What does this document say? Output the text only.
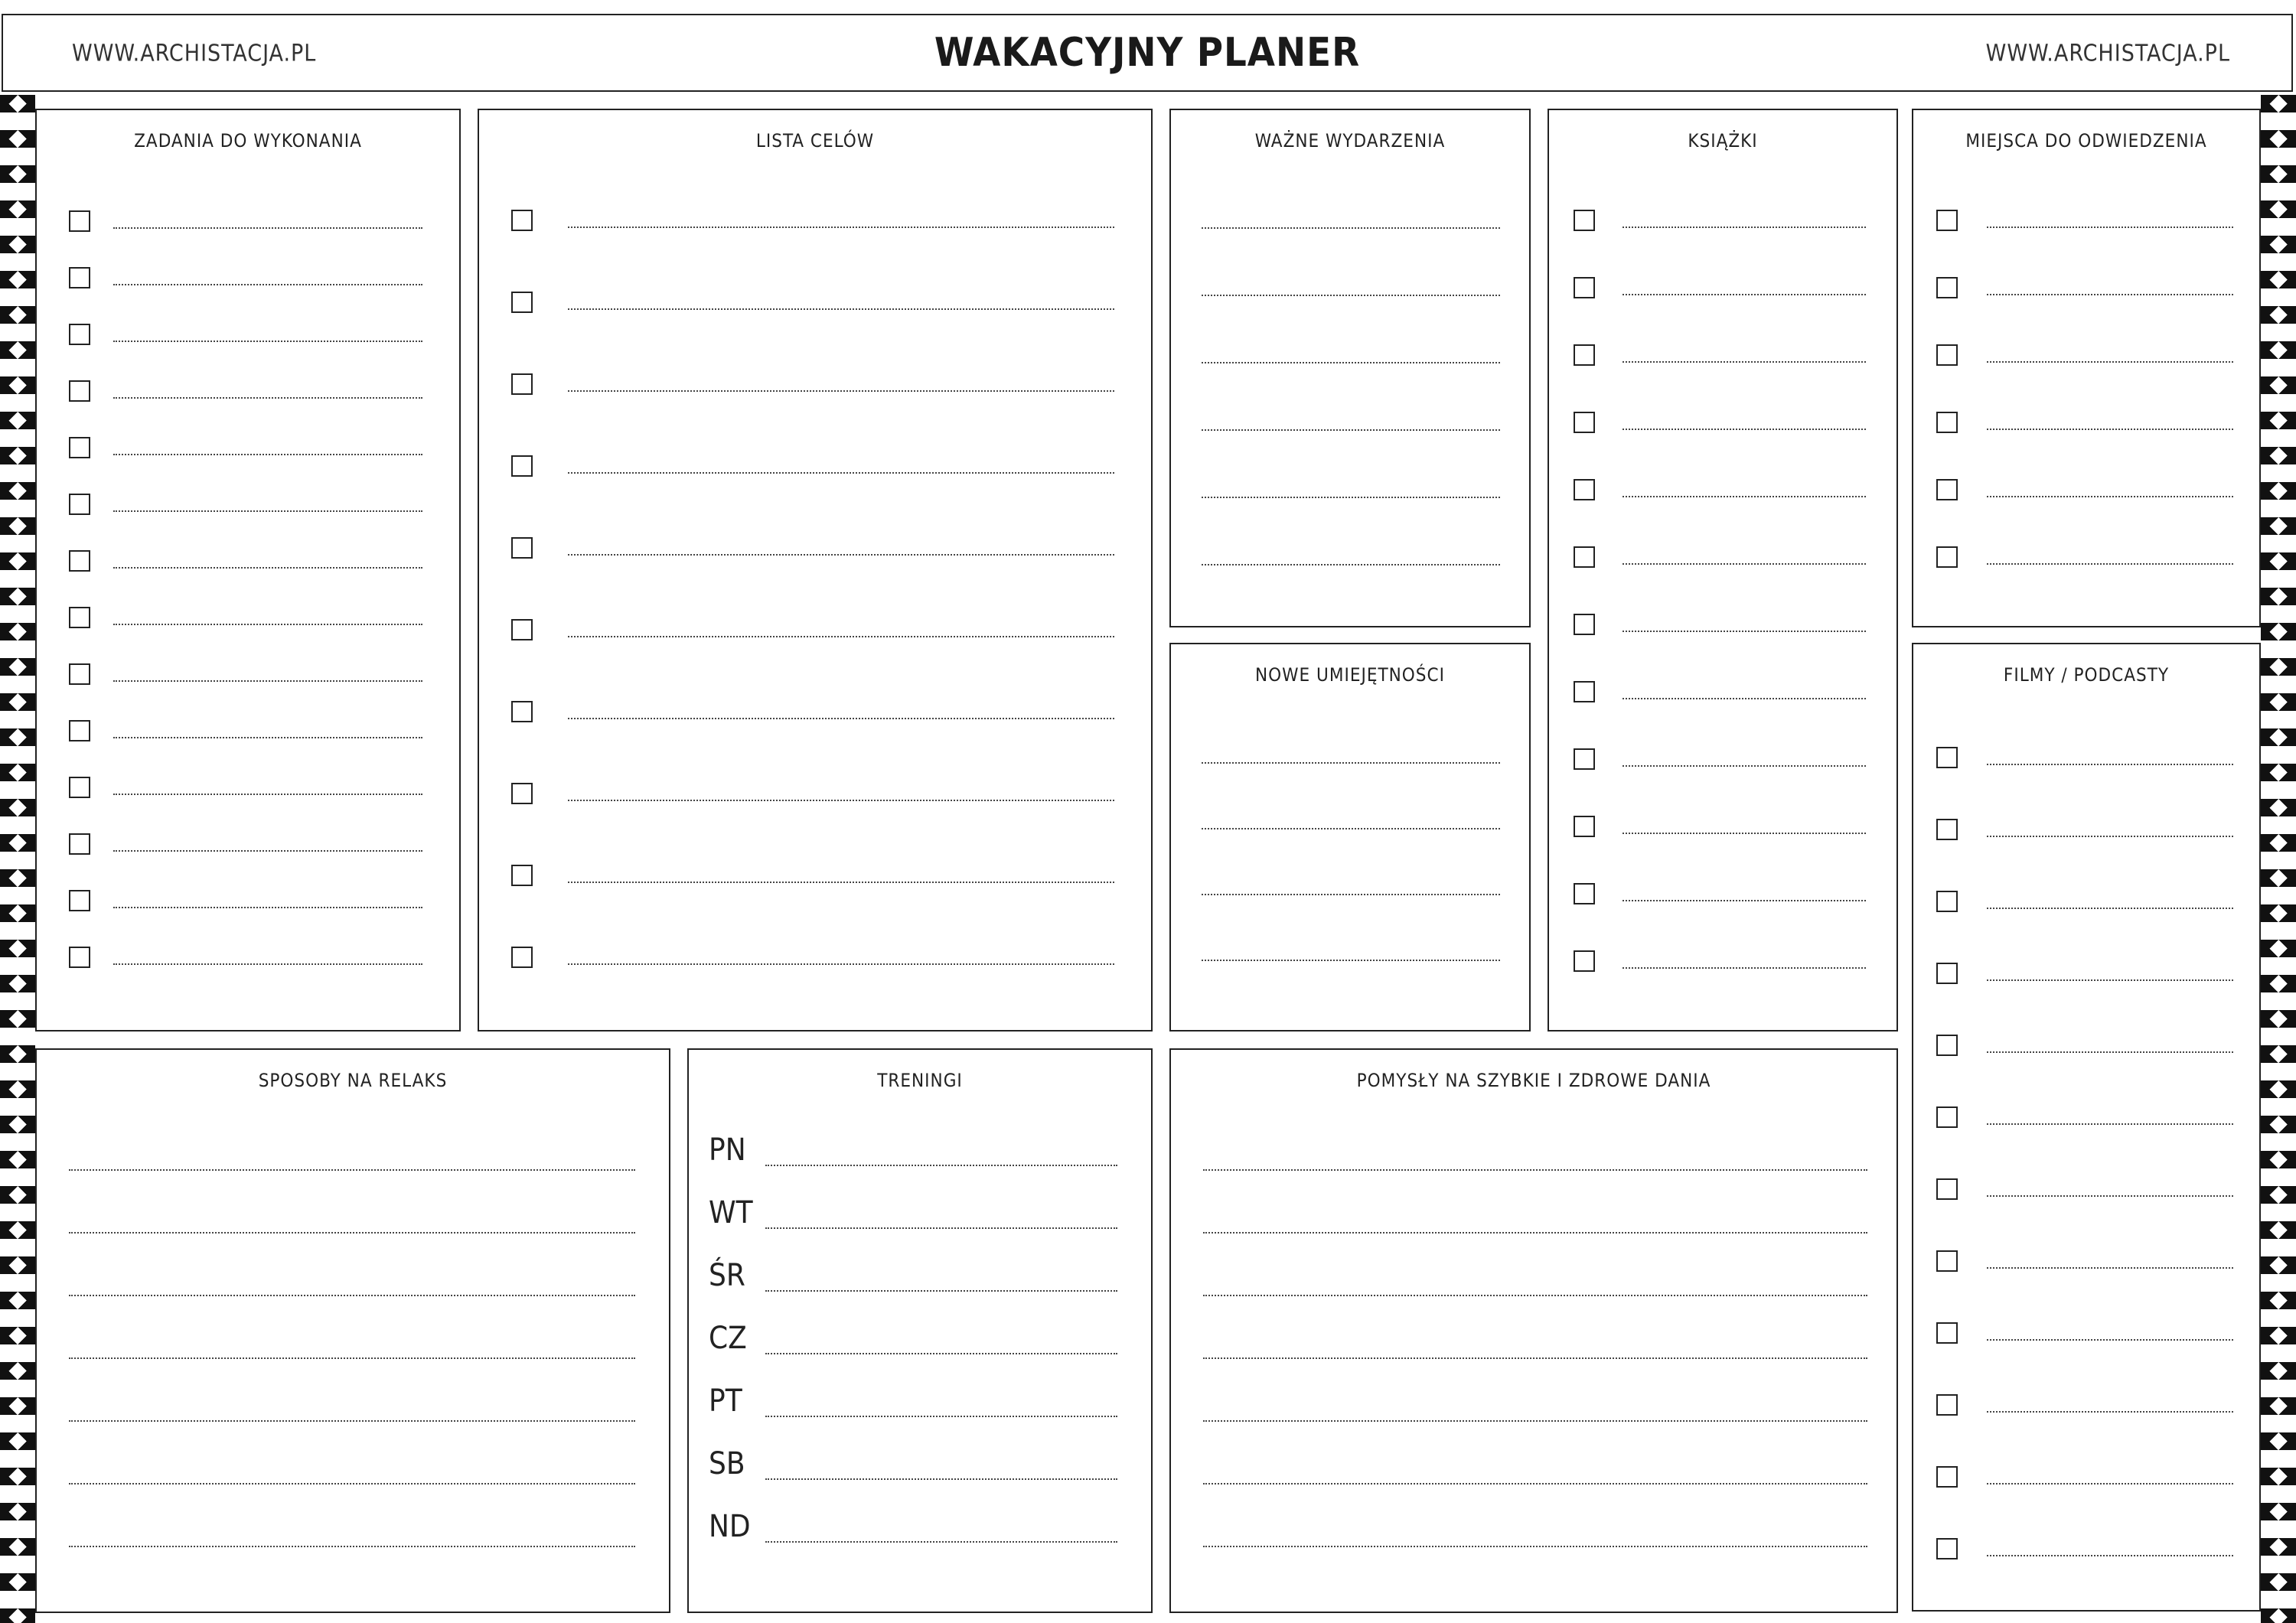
WWW.ARCHISTACJA.PL	WAKACYJNY PLANER	WWW.ARCHISTACJA.PL
ZADANIA DO WYKONANIA	LISTA CELÓW	WAŻNE WYDARZENIA	KSIĄŻKI	MIEJSCA DO ODWIEDZENIA
NOWE UMIEJĘTNOŚCI	FILMY / PODCASTY
SPOSOBY NA RELAKS	TRENINGI
PN
WT
ŚR
CZ
PT
SB
ND
POMYSŁY NA SZYBKIE I ZDROWE DANIA
